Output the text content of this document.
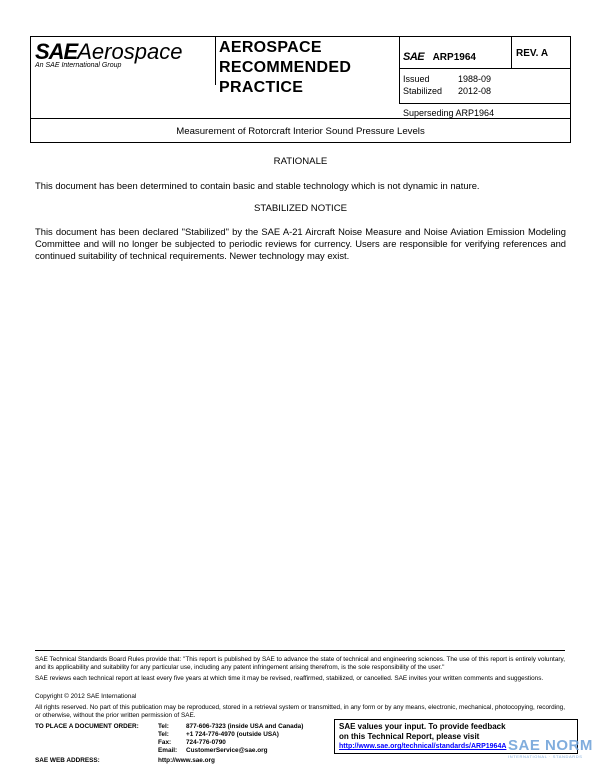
SAEAerospace
An SAE International Group
AEROSPACE
RECOMMENDED
PRACTICE
SAE ARP1964	REV. A
Issued	1988-09
Stabilized 2012-08
Superseding ARP1964
Measurement of Rotorcraft Interior Sound Pressure Levels
RATIONALE
This document has been determined to contain basic and stable technology which is not dynamic in nature.
STABILIZED NOTICE
This document has been declared "Stabilized" by the SAE A-21 Aircraft Noise Measure and Noise Aviation Emission Modeling Committee and will no longer be subjected to periodic reviews for currency. Users are responsible for verifying references and continued suitability of technical requirements. Newer technology may exist.
SAE Technical Standards Board Rules provide that: "This report is published by SAE to advance the state of technical and engineering sciences. The use of this report is entirely voluntary, and its applicability and suitability for any particular use, including any patent infringement arising therefrom, is the sole responsibility of the user."
SAE reviews each technical report at least every five years at which time it may be revised, reaffirmed, stabilized, or cancelled. SAE invites your written comments and suggestions.
Copyright © 2012 SAE International
All rights reserved. No part of this publication may be reproduced, stored in a retrieval system or transmitted, in any form or by any means, electronic, mechanical, photocopying, recording, or otherwise, without the prior written permission of SAE.
TO PLACE A DOCUMENT ORDER:	Tel:	877-606-7323 (inside USA and Canada)
Tel:	+1 724-776-4970 (outside USA)
Fax: 724-776-0790
Email: CustomerService@sae.org
SAE WEB ADDRESS:	http://www.sae.org
SAE values your input. To provide feedback
on this Technical Report, please visit
http://www.sae.org/technical/standards/ARP1964A SAE NORM
INTERNATIONAL · STANDARDS
